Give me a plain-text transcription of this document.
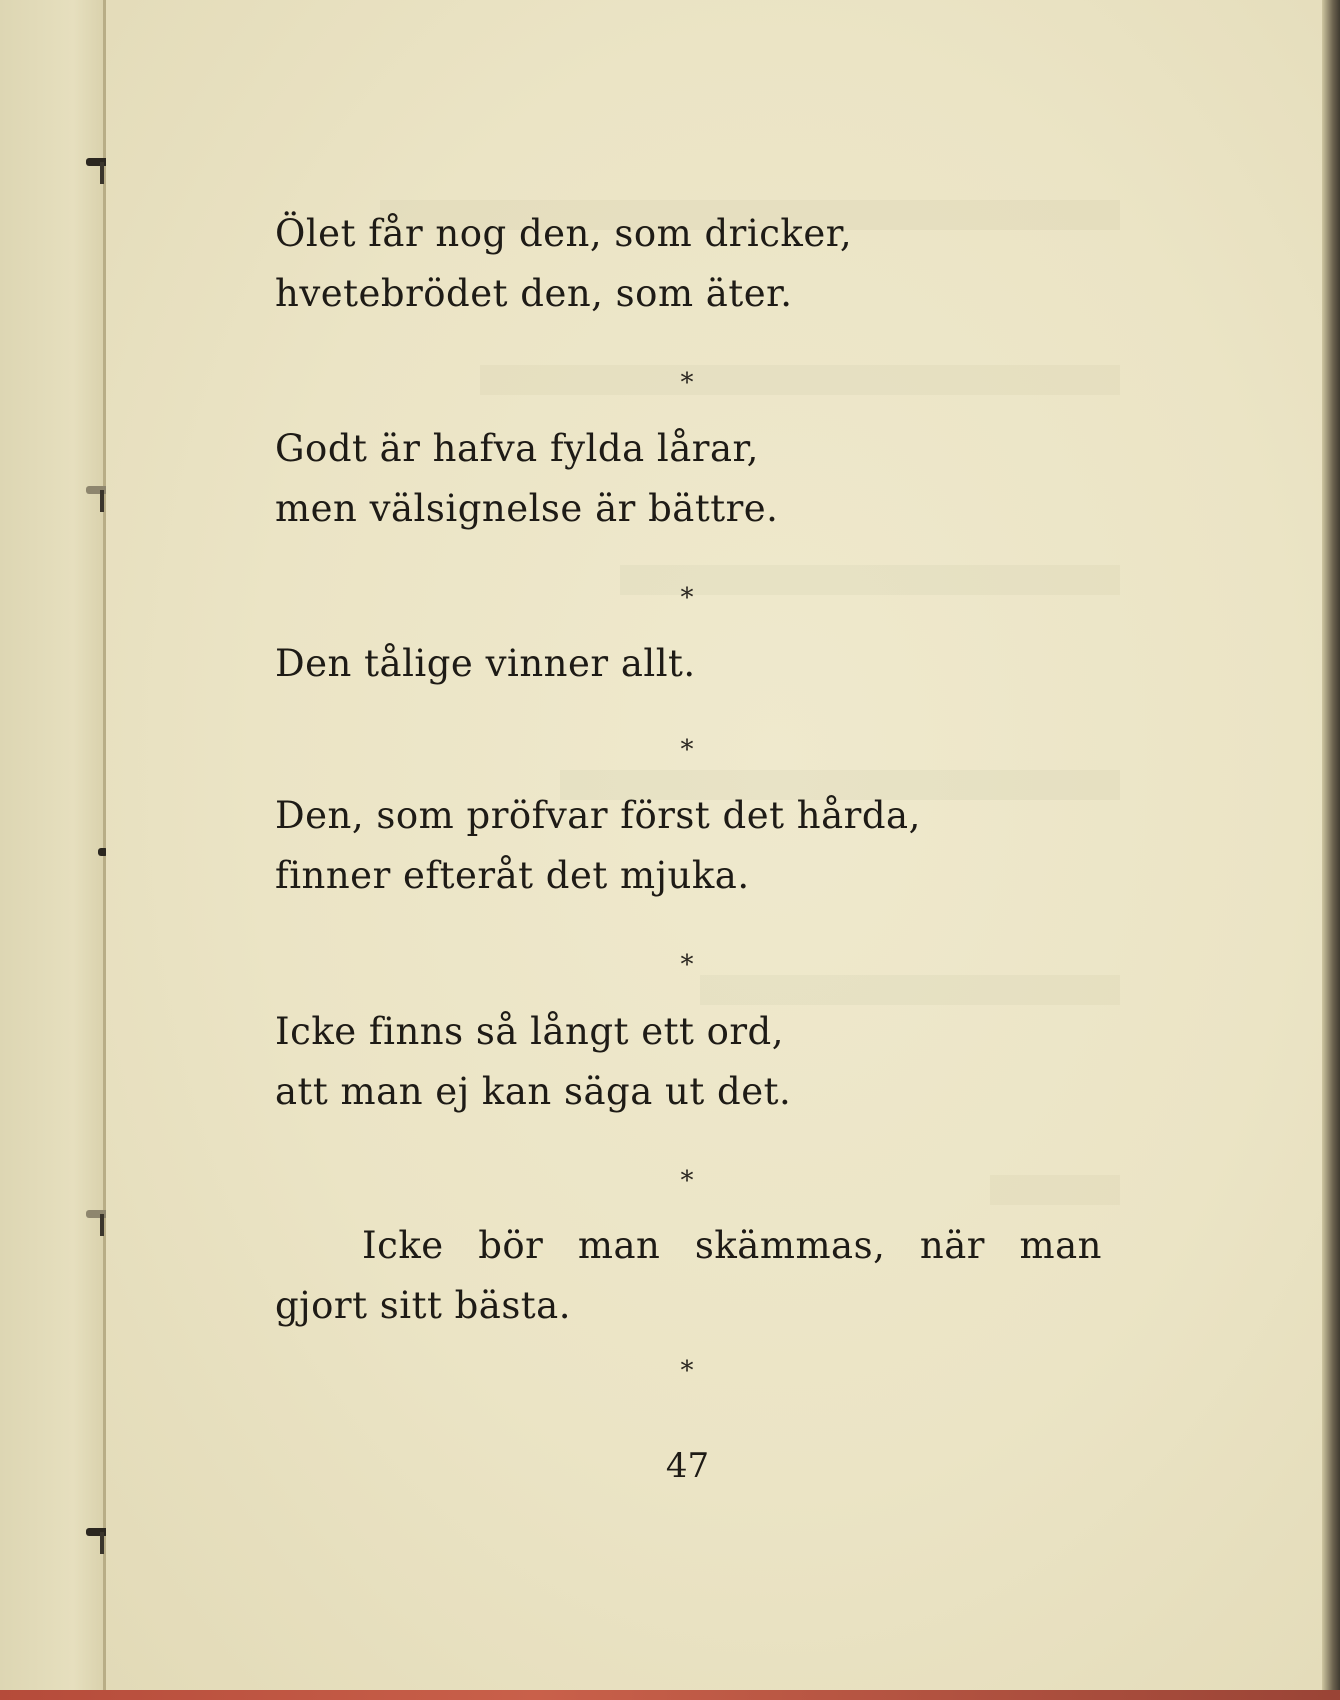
Ölet får nog den, som dricker,
hvetebrödet den, som äter.
*
Godt är hafva fylda lårar,
men välsignelse är bättre.
*
Den tålige vinner allt.
*
Den, som pröfvar först det hårda,
finner efteråt det mjuka.
*
Icke finns så långt ett ord,
att man ej kan säga ut det.
*
Icke bör man skämmas, när man
gjort sitt bästa.
*
47
